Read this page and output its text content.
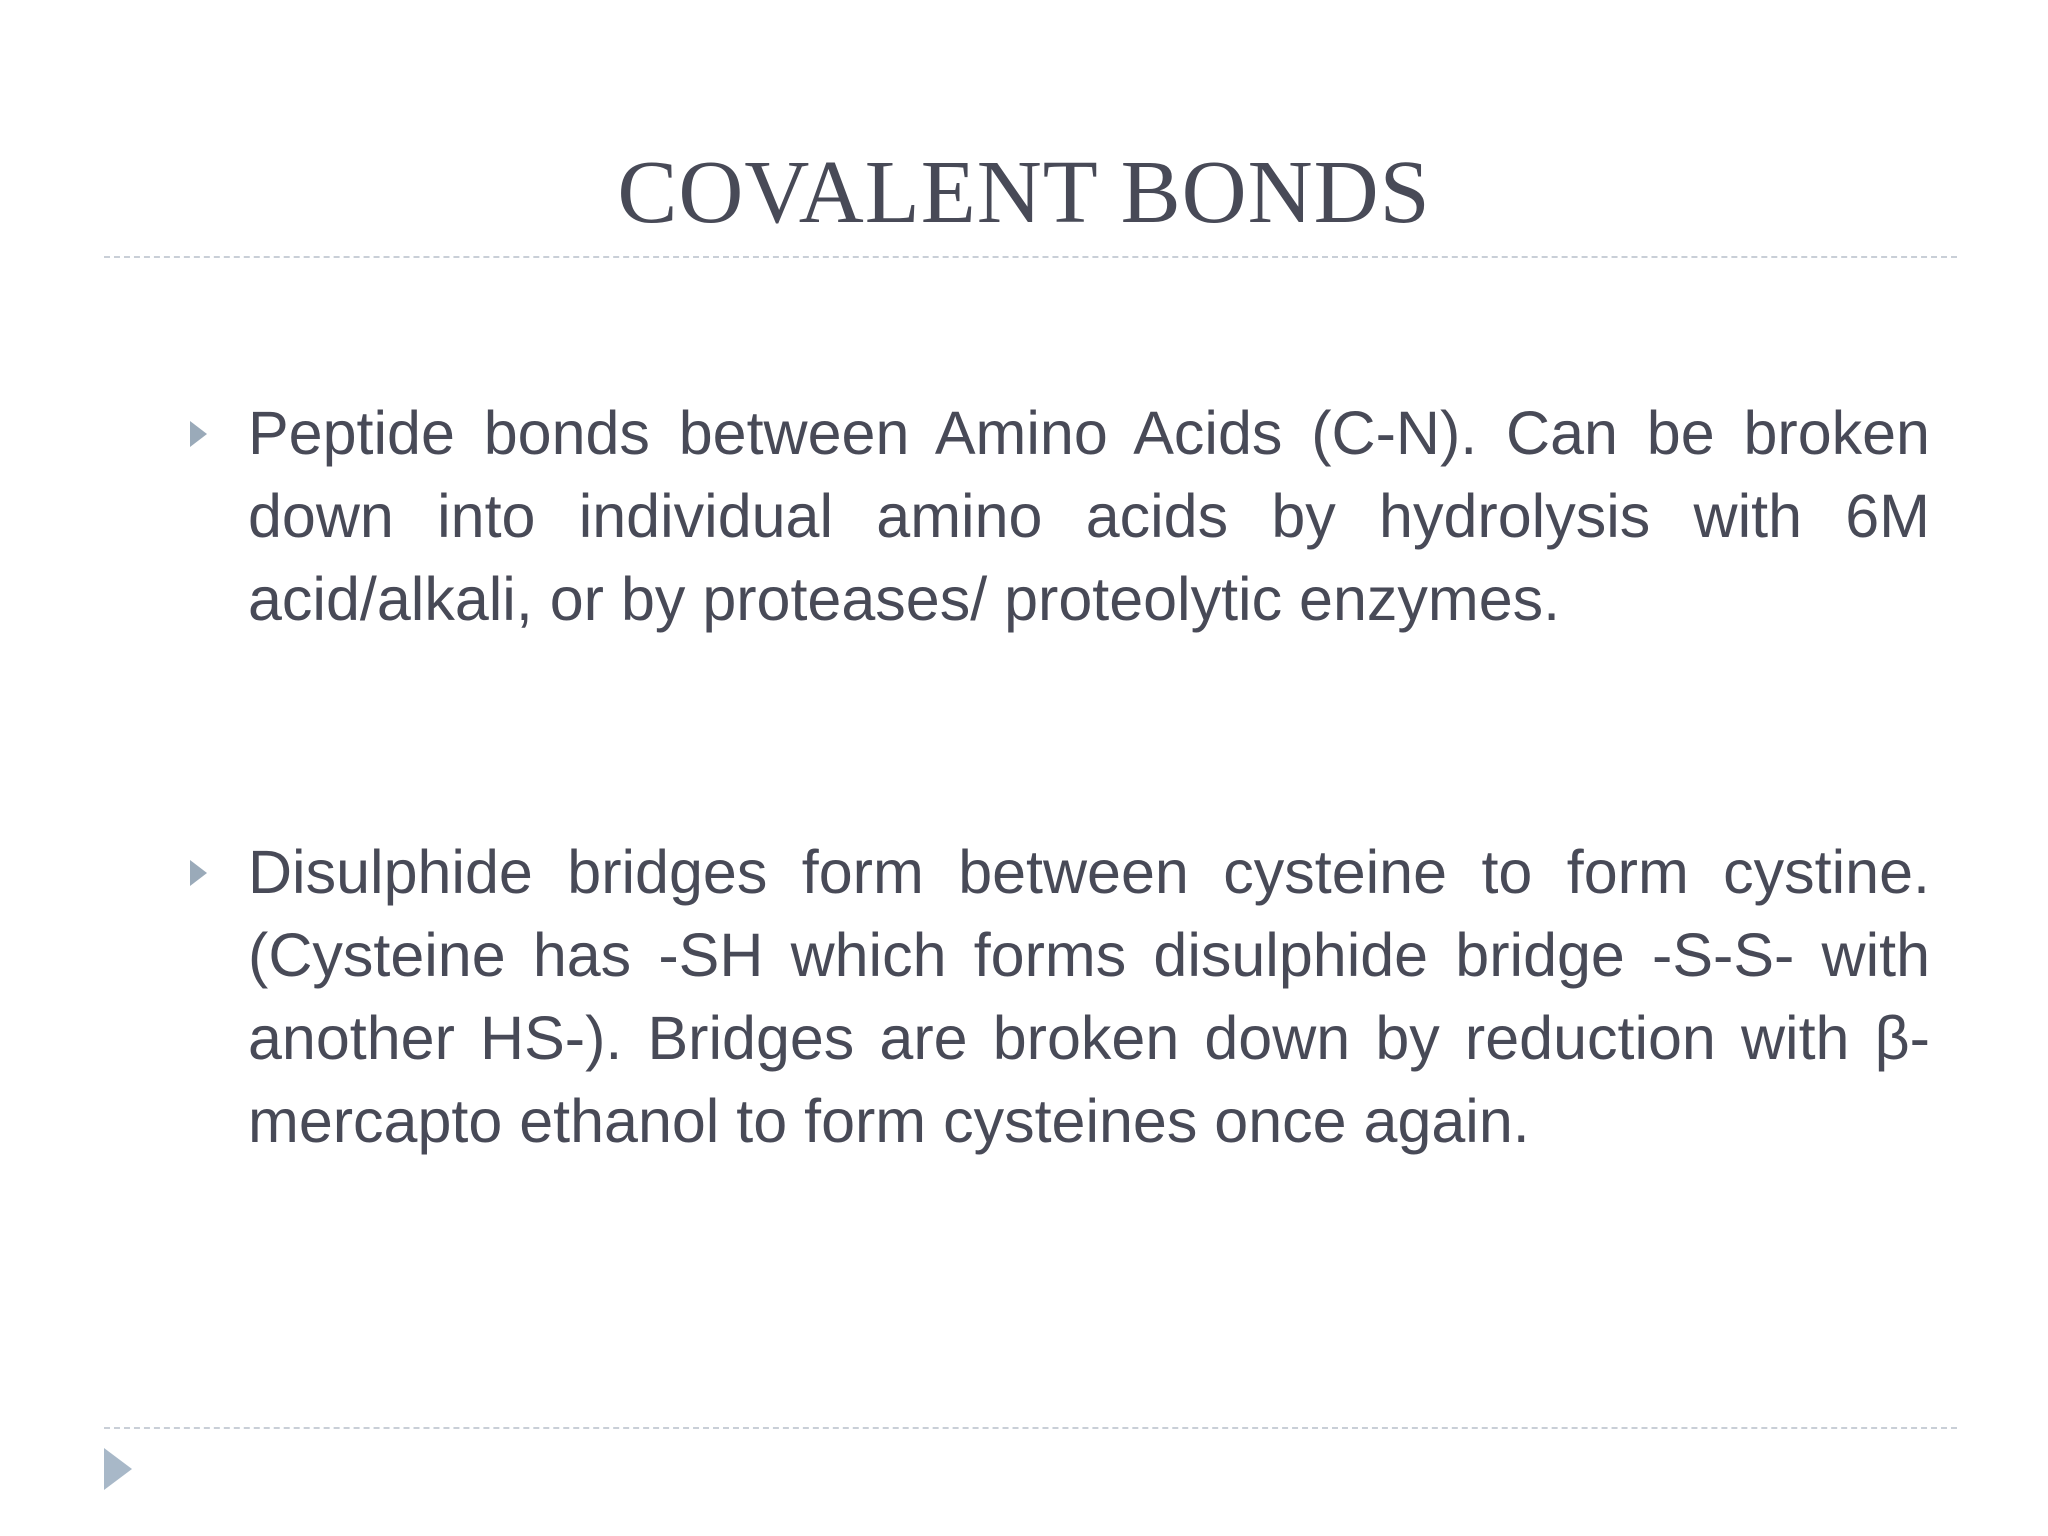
COVALENT BONDS
Peptide bonds between Amino Acids (C-N). Can be broken down into individual amino acids by hydrolysis with 6M acid/alkali, or by proteases/ proteolytic enzymes.
Disulphide bridges form between cysteine to form cystine. (Cysteine has -SH which forms disulphide bridge -S-S- with another HS-). Bridges are broken down by reduction with β-mercapto ethanol to form cysteines once again.
